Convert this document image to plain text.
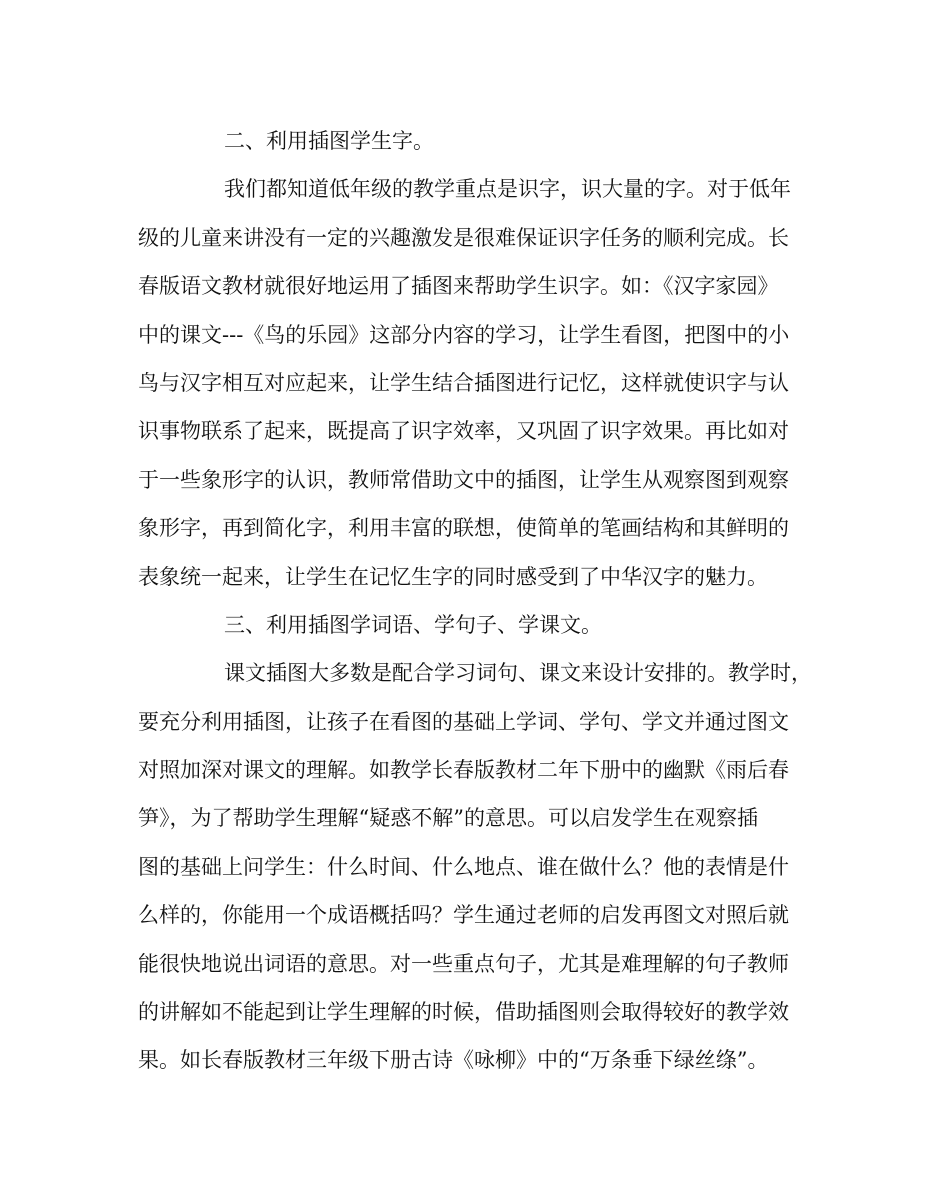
二、利用插图学生字。
我们都知道低年级的教学重点是识字，识大量的字。对于低年
级的儿童来讲没有一定的兴趣激发是很难保证识字任务的顺利完成。长
春版语文教材就很好地运用了插图来帮助学生识字。如：《汉字家园》
中的课文---《鸟的乐园》这部分内容的学习，让学生看图，把图中的小
鸟与汉字相互对应起来，让学生结合插图进行记忆，这样就使识字与认
识事物联系了起来，既提高了识字效率，又巩固了识字效果。再比如对
于一些象形字的认识，教师常借助文中的插图，让学生从观察图到观察
象形字，再到简化字，利用丰富的联想，使简单的笔画结构和其鲜明的
表象统一起来，让学生在记忆生字的同时感受到了中华汉字的魅力。
三、利用插图学词语、学句子、学课文。
课文插图大多数是配合学习词句、课文来设计安排的。教学时，
要充分利用插图，让孩子在看图的基础上学词、学句、学文并通过图文
对照加深对课文的理解。如教学长春版教材二年下册中的幽默《雨后春
笋》，为了帮助学生理解“疑惑不解”的意思。可以启发学生在观察插
图的基础上问学生：什么时间、什么地点、谁在做什么？他的表情是什
么样的，你能用一个成语概括吗？学生通过老师的启发再图文对照后就
能很快地说出词语的意思。对一些重点句子，尤其是难理解的句子教师
的讲解如不能起到让学生理解的时候，借助插图则会取得较好的教学效
果。如长春版教材三年级下册古诗《咏柳》中的“万条垂下绿丝绦”。
